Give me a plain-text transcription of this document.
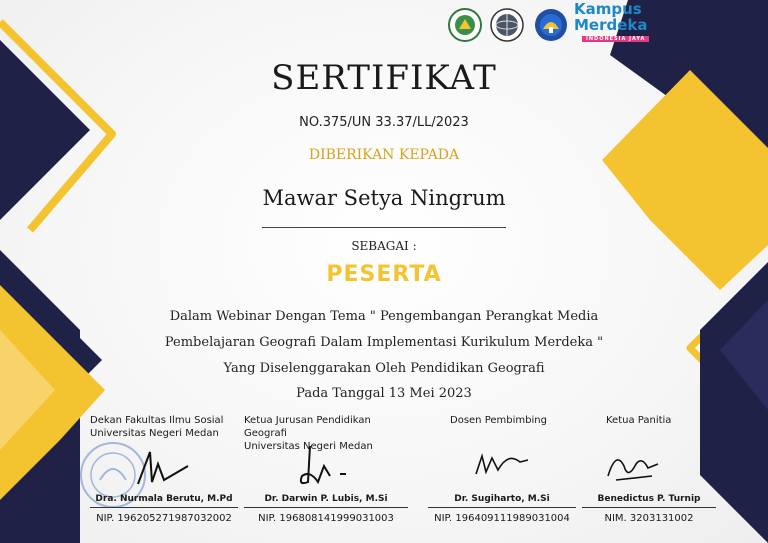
Kampus
Merdeka
INDONESIA JAYA
SERTIFIKAT
NO.375/UN 33.37/LL/2023
DIBERIKAN KEPADA
Mawar Setya Ningrum
SEBAGAI :
PESERTA
Dalam Webinar Dengan Tema " Pengembangan Perangkat Media
Pembelajaran Geografi Dalam Implementasi Kurikulum Merdeka "
Yang Diselenggarakan Oleh Pendidikan Geografi
Pada Tanggal 13 Mei 2023
Dekan Fakultas Ilmu Sosial
Universitas Negeri Medan
Dra. Nurmala Berutu, M.Pd
NIP. 196205271987032002
Ketua Jurusan Pendidikan Geografi
Universitas Negeri Medan
Dr. Darwin P. Lubis, M.Si
NIP. 196808141999031003
Dosen Pembimbing
Dr. Sugiharto, M.Si
NIP. 196409111989031004
Ketua Panitia
Benedictus P. Turnip
NIM. 3203131002
